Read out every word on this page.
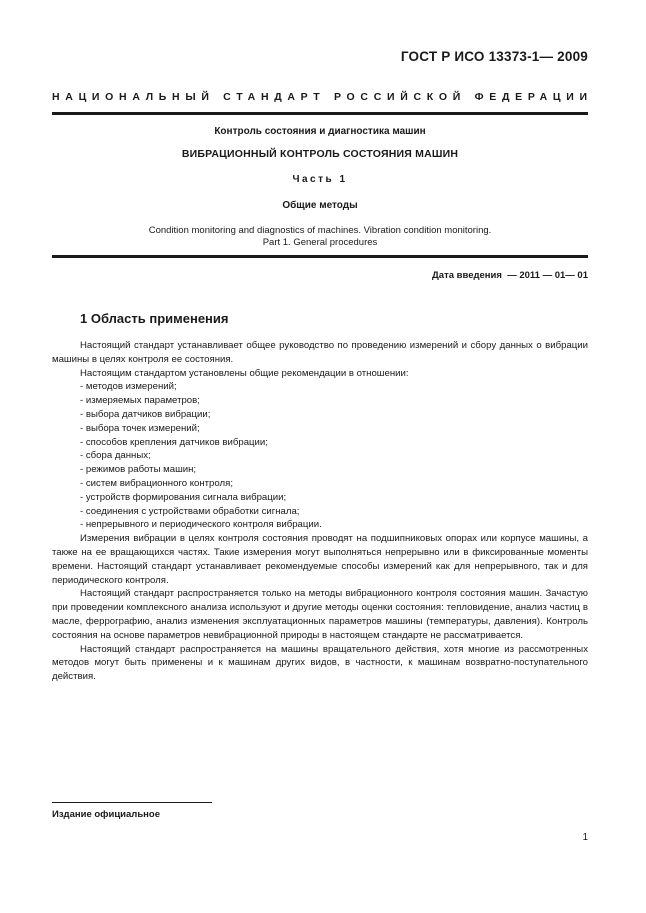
ГОСТ Р ИСО 13373-1— 2009
НАЦИОНАЛЬНЫЙ СТАНДАРТ РОССИЙСКОЙ ФЕДЕРАЦИИ
Контроль состояния и диагностика машин
ВИБРАЦИОННЫЙ КОНТРОЛЬ СОСТОЯНИЯ МАШИН
Часть 1
Общие методы
Condition monitoring and diagnostics of machines. Vibration condition monitoring.
Part 1. General procedures
Дата введения  — 2011 — 01— 01
1 Область применения

Настоящий стандарт устанавливает общее руководство по проведению измерений и сбору данных о вибрации машины в целях контроля ее состояния.

Настоящим стандартом установлены общие рекомендации в отношении:

- методов измерений;

- измеряемых параметров;

- выбора датчиков вибрации;

- выбора точек измерений;

- способов крепления датчиков вибрации;

- сбора данных;

- режимов работы машин;

- систем вибрационного контроля;

- устройств формирования сигнала вибрации;

- соединения с устройствами обработки сигнала;

- непрерывного и периодического контроля вибрации.

Измерения вибрации в целях контроля состояния проводят на подшипниковых опорах или корпусе машины, а также на ее вращающихся частях. Такие измерения могут выполняться непрерывно или в фиксированные моменты времени. Настоящий стандарт устанавливает рекомендуемые способы измерений как для непрерывного, так и для периодического контроля.

Настоящий стандарт распространяется только на методы вибрационного контроля состояния машин. Зачастую при проведении комплексного анализа используют и другие методы оценки состояния: тепловидение, анализ частиц в масле, феррографию, анализ изменения эксплуатационных параметров машины (температуры, давления). Контроль состояния на основе параметров невибрационной природы в настоящем стандарте не рассматривается.

Настоящий стандарт распространяется на машины вращательного действия, хотя многие из рассмотренных методов могут быть применены и к машинам других видов, в частности, к машинам возвратно-поступательного действия.

Издание официальное
1
